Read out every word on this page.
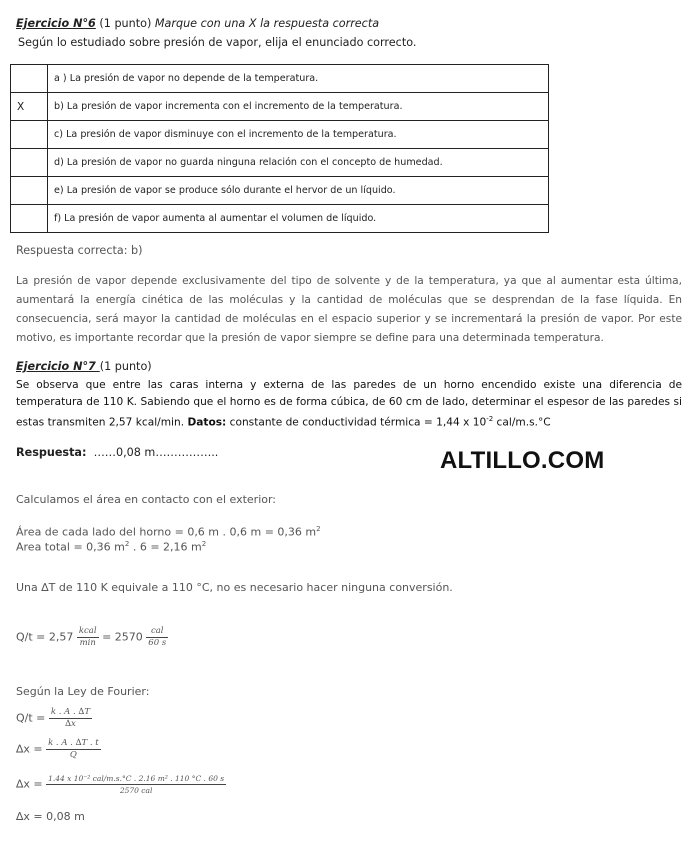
Ejercicio N°6 (1 punto) Marque con una X la respuesta correcta
Según lo estudiado sobre presión de vapor, elija el enunciado correcto.
	a ) La presión de vapor no depende de la temperatura.
X	b) La presión de vapor incrementa con el incremento de la temperatura.
	c) La presión de vapor disminuye con el incremento de la temperatura.
	d) La presión de vapor no guarda ninguna relación con el concepto de humedad.
	e) La presión de vapor se produce sólo durante el hervor de un líquido.
	f) La presión de vapor aumenta al aumentar el volumen de líquido.
Respuesta correcta: b)
La presión de vapor depende exclusivamente del tipo de solvente y de la temperatura, ya que al aumentar esta última, aumentará la energía cinética de las moléculas y la cantidad de moléculas que se desprendan de la fase líquida. En consecuencia, será mayor la cantidad de moléculas en el espacio superior y se incrementará la presión de vapor. Por este motivo, es importante recordar que la presión de vapor siempre se define para una determinada temperatura.
Ejercicio N°7 (1 punto)
Se observa que entre las caras interna y externa de las paredes de un horno encendido existe una diferencia de temperatura de 110 K. Sabiendo que el horno es de forma cúbica, de 60 cm de lado, determinar el espesor de las paredes si estas transmiten 2,57 kcal/min. Datos: constante de conductividad térmica = 1,44 x $10^{-2}$ cal/m.s.°C
Respuesta: ……0,08 m……………..	ALTILLO.COM
Calculamos el área en contacto con el exterior:
Área de cada lado del horno = 0,6 m . 0,6 m = 0,36 $m^2$
Area total = 0,36 $m^2$ . 6 = 2,16 $m^2$
Una ∆T de 110 K equivale a 110 °C, no es necesario hacer ninguna conversión.
$Q/t = 2,57 \frac{\text{kcal}}{\min} = 2570 \frac{\text{cal}}{60 s}$
Según la Ley de Fourier:
$Q/t = \frac{k . A . \Delta T}{\Delta x}$
$\Delta x = \frac{k . A . \Delta T . t}{Q}$
$\Delta x = \frac{\text{1.44 x 10⁻² cal/m.s.°C . 2.16 m² . 110 °C . 60 s}}{\text{2570 cal}}$
∆x = 0,08 m
